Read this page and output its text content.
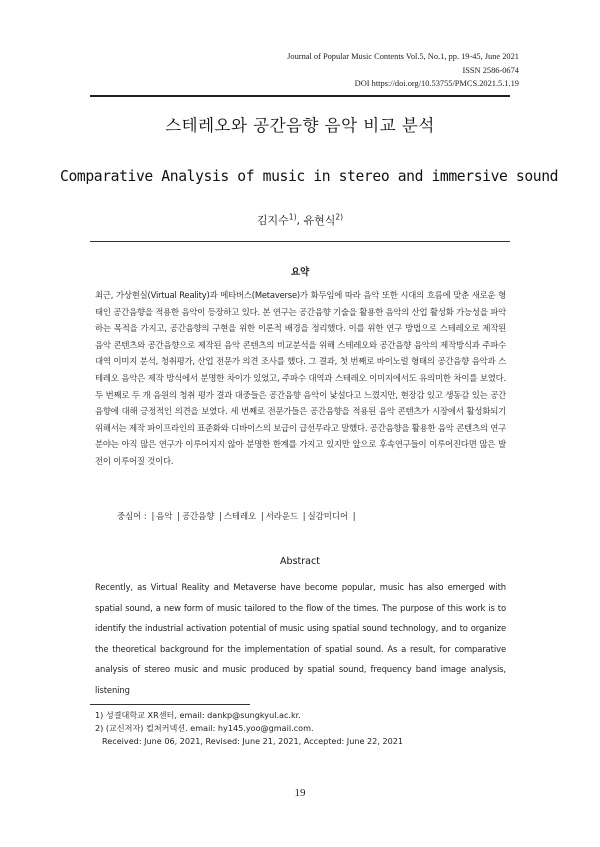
Journal of Popular Music Contents Vol.5, No.1, pp. 19-45, June 2021
ISSN 2586-0674
DOI https://doi.org/10.53755/PMCS.2021.5.1.19
스테레오와 공간음향 음악 비교 분석
Comparative Analysis of music in stereo and immersive sound
김지수$^{1)}$, 유현식$^{2)}$
요약

최근, 가상현실(Virtual Reality)과 메타버스(Metaverse)가 화두임에 따라 음악 또한 시대의 흐름에 맞춘 새로운 형태인 공간음향을 적용한 음악이 등장하고 있다. 본 연구는 공간음향 기술을 활용한 음악의 산업 활성화 가능성을 파악하는 목적을 가지고, 공간음향의 구현을 위한 이론적 배경을 정리했다. 이를 위한 연구 방법으로 스테레오로 제작된 음악 콘텐츠와 공간음향으로 제작된 음악 콘텐츠의 비교분석을 위해 스테레오와 공간음향 음악의 제작방식과 주파수 대역 이미지 분석, 청취평가, 산업 전문가 의견 조사를 했다. 그 결과, 첫 번째로 바이노럴 형태의 공간음향 음악과 스테레오 음악은 제작 방식에서 분명한 차이가 있었고, 주파수 대역과 스테레오 이미지에서도 유의미한 차이를 보였다. 두 번째로 두 개 음원의 청취 평가 결과 대중들은 공간음향 음악이 낯설다고 느꼈지만, 현장감 있고 생동감 있는 공간음향에 대해 긍정적인 의견을 보였다. 세 번째로 전문가들은 공간음향을 적용된 음악 콘텐츠가 시장에서 활성화되기 위해서는 제작 파이프라인의 표준화와 디바이스의 보급이 급선무라고 말했다. 공간음향을 활용한 음악 콘텐츠의 연구분야는 아직 많은 연구가 이루어지지 않아 분명한 한계를 가지고 있지만 앞으로 후속연구들이 이루어진다면 많은 발전이 이루어질 것이다.

중심어 : | 음악 | 공간음향 | 스테레오 | 서라운드 | 실감미디어 |
Abstract

Recently, as Virtual Reality and Metaverse have become popular, music has also emerged with spatial sound, a new form of music tailored to the flow of the times. The purpose of this work is to identify the industrial activation potential of music using spatial sound technology, and to organize the theoretical background for the implementation of spatial sound. As a result, for comparative analysis of stereo music and music produced by spatial sound, frequency band image analysis, listening

1) 성결대학교 XR센터, email: dankp@sungkyul.ac.kr.
2) (교신저자) 컬쳐커넥션. email: hy145.yoo@gmail.com.
Received: June 06, 2021, Revised: June 21, 2021, Accepted: June 22, 2021
19
